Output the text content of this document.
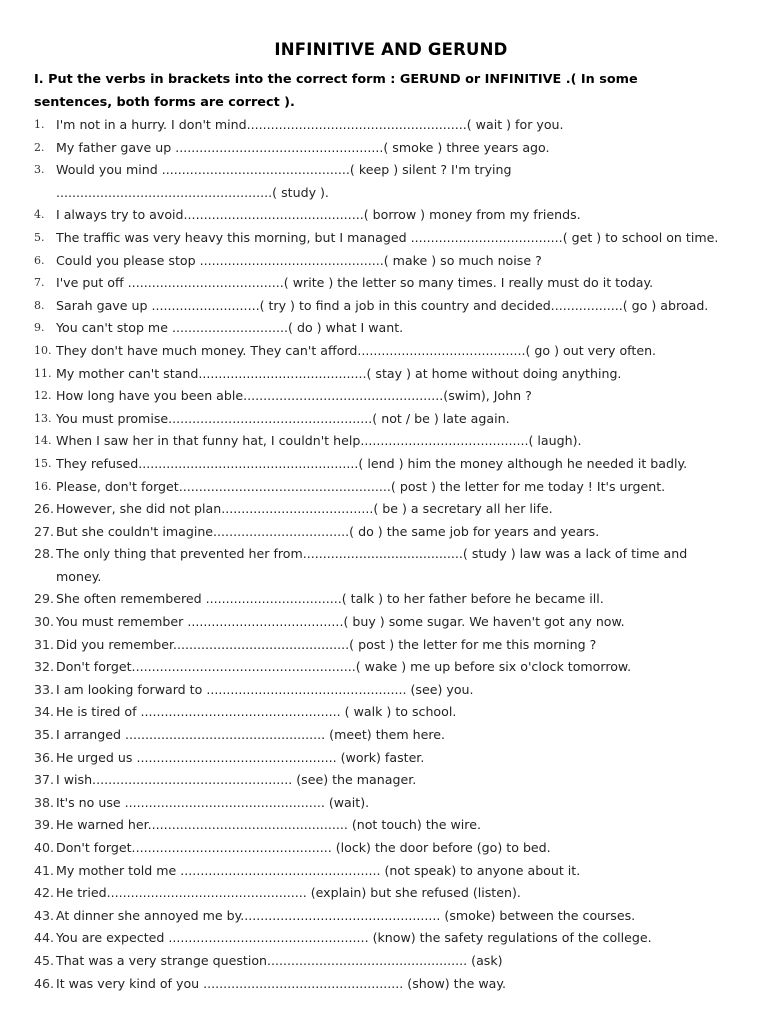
INFINITIVE AND GERUND

I. Put the verbs in brackets into the correct form : GERUND or INFINITIVE .( In some sentences, both forms are correct ).

1. I'm not in a hurry. I don't mind.......................................................( wait ) for you.
2. My father gave up ....................................................( smoke ) three years ago.
3. Would you mind ...............................................( keep ) silent ? I'm trying ......................................................( study ).
4. I always try to avoid.............................................( borrow ) money from my friends.
5. The traffic was very heavy this morning, but I managed ......................................( get ) to school on time.
6. Could you please stop ..............................................( make ) so much noise ?
7. I've put off .......................................( write ) the letter so many times. I really must do it today.
8. Sarah gave up ...........................( try ) to find a job in this country and decided..................( go ) abroad.
9. You can't stop me .............................( do ) what I want.
10. They don't have much money. They can't afford..........................................( go ) out very often.
11. My mother can't stand..........................................( stay ) at home without doing anything.
12. How long have you been able..................................................(swim), John ?
13. You must promise...................................................( not / be ) late again.
14. When I saw her in that funny hat, I couldn't help..........................................( laugh).
15. They refused.......................................................( lend ) him the money although he needed it badly.
16. Please, don't forget.....................................................( post ) the letter for me today ! It's urgent.
26. However, she did not plan......................................( be ) a secretary all her life.
27. But she couldn't imagine..................................( do ) the same job for years and years.
28. The only thing that prevented her from........................................( study ) law was a lack of time and money.
29. She often remembered ..................................( talk ) to her father before he became ill.
30. You must remember .......................................( buy ) some sugar. We haven't got any now.
31. Did you remember............................................( post ) the letter for me this morning ?
32. Don't forget........................................................( wake ) me up before six o'clock tomorrow.
33. I am looking forward to .................................................. (see) you.
34. He is tired of .................................................. ( walk ) to school.
35. I arranged .................................................. (meet) them here.
36. He urged us .................................................. (work) faster.
37. I wish.................................................. (see) the manager.
38. It's no use .................................................. (wait).
39. He warned her.................................................. (not touch) the wire.
40. Don't forget.................................................. (lock) the door before (go) to bed.
41. My mother told me .................................................. (not speak) to anyone about it.
42. He tried.................................................. (explain) but she refused (listen).
43. At dinner she annoyed me by.................................................. (smoke) between the courses.
44. You are expected .................................................. (know) the safety regulations of the college.
45. That was a very strange question.................................................. (ask)
46. It was very kind of you .................................................. (show) the way.
